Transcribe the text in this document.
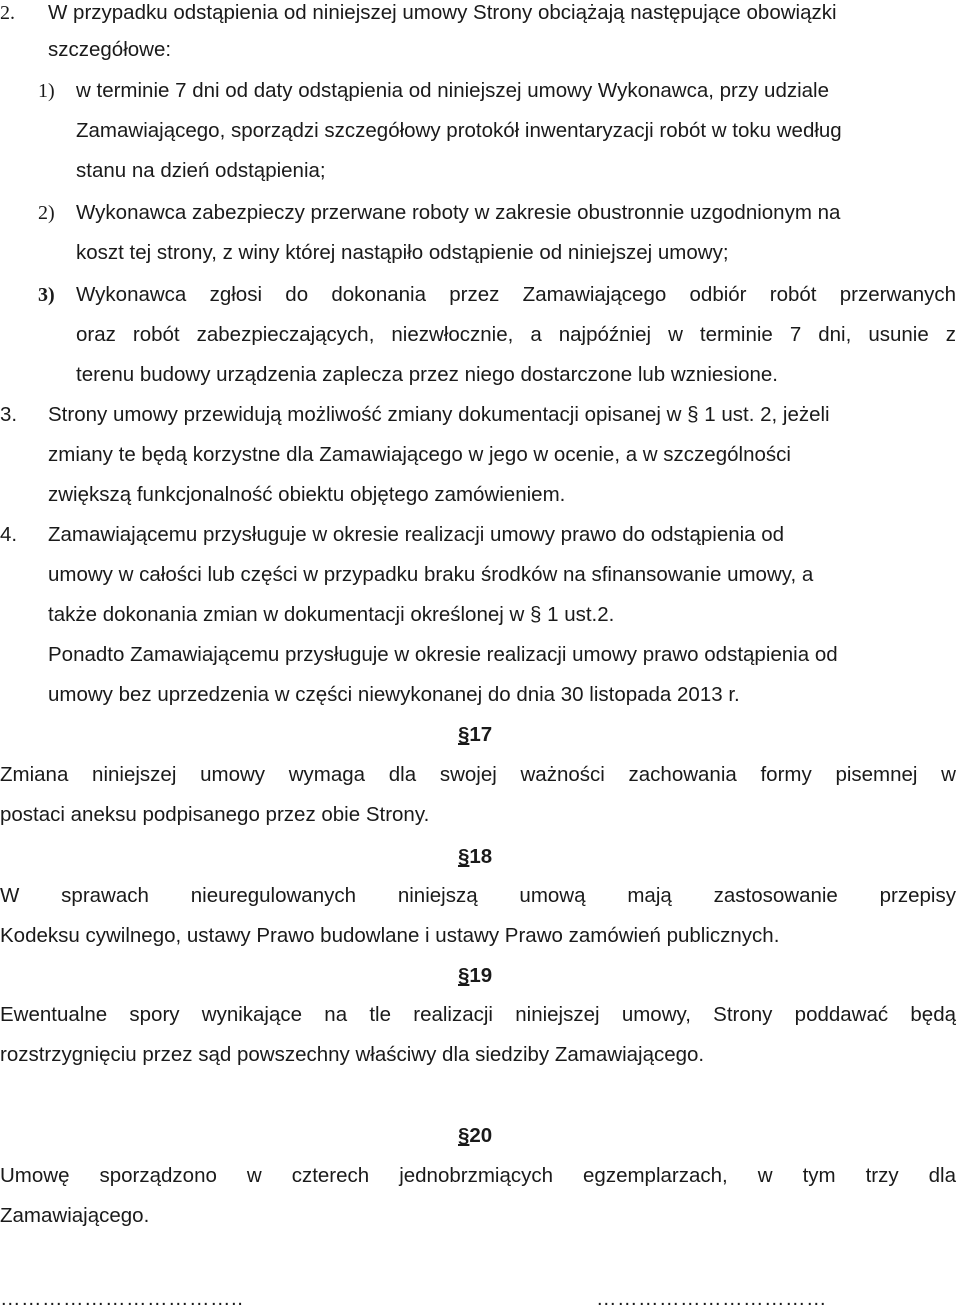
2. W przypadku odstąpienia od niniejszej umowy Strony obciążają następujące obowiązki
szczegółowe:
1) w terminie 7 dni od daty odstąpienia od niniejszej umowy Wykonawca, przy udziale
Zamawiającego, sporządzi szczegółowy protokół inwentaryzacji robót w toku według
stanu na dzień odstąpienia;
2) Wykonawca zabezpieczy przerwane roboty w zakresie obustronnie uzgodnionym na
koszt tej strony, z winy której nastąpiło odstąpienie od niniejszej umowy;
3) Wykonawca zgłosi do dokonania przez Zamawiającego odbiór robót przerwanych
oraz robót zabezpieczających, niezwłocznie, a najpóźniej w terminie 7 dni, usunie z
terenu budowy urządzenia zaplecza przez niego dostarczone lub wzniesione.
3. Strony umowy przewidują możliwość zmiany dokumentacji opisanej w § 1 ust. 2, jeżeli
zmiany te będą korzystne dla Zamawiającego w jego w ocenie, a w szczególności
zwiększą funkcjonalność obiektu objętego zamówieniem.
4. Zamawiającemu przysługuje w okresie realizacji umowy prawo do odstąpienia od
umowy w całości lub części w przypadku braku środków na sfinansowanie umowy, a
także dokonania zmian w dokumentacji określonej w § 1 ust.2.
Ponadto Zamawiającemu przysługuje w okresie realizacji umowy prawo odstąpienia od
umowy bez uprzedzenia w części niewykonanej do dnia 30 listopada 2013 r.
§17
Zmiana niniejszej umowy wymaga dla swojej ważności zachowania formy pisemnej w
postaci aneksu podpisanego przez obie Strony.
§18
W sprawach nieuregulowanych niniejszą umową mają zastosowanie przepisy
Kodeksu cywilnego, ustawy Prawo budowlane i ustawy Prawo zamówień publicznych.
§19
Ewentualne spory wynikające na tle realizacji niniejszej umowy, Strony poddawać będą
rozstrzygnięciu przez sąd powszechny właściwy dla siedziby Zamawiającego.
§20
Umowę sporządzono w czterech jednobrzmiących egzemplarzach, w tym trzy dla
Zamawiającego.
……………………………..	……………………………
